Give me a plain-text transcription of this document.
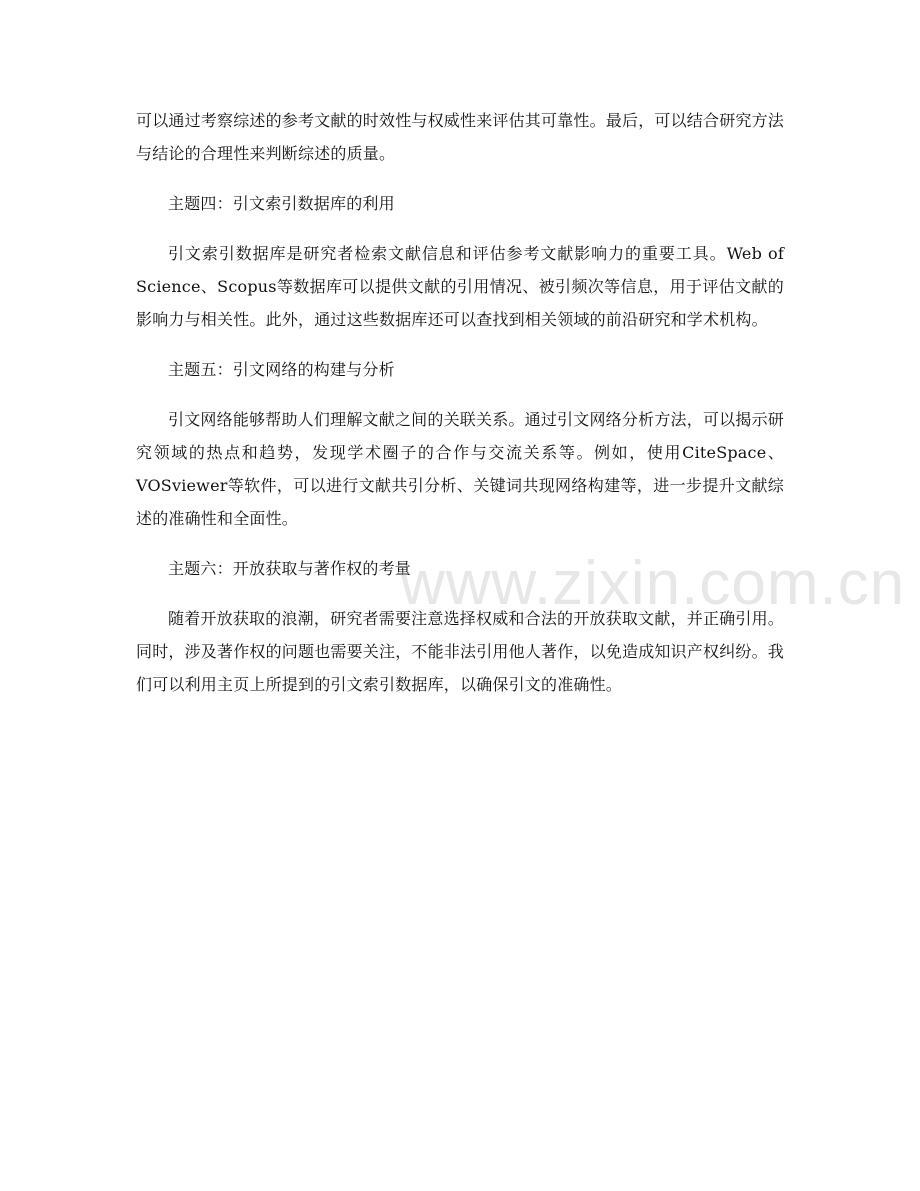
可以通过考察综述的参考文献的时效性与权威性来评估其可靠性。最后，可以结合研究方法与结论的合理性来判断综述的质量。

主题四：引文索引数据库的利用

引文索引数据库是研究者检索文献信息和评估参考文献影响力的重要工具。Web of Science、Scopus等数据库可以提供文献的引用情况、被引频次等信息，用于评估文献的影响力与相关性。此外，通过这些数据库还可以查找到相关领域的前沿研究和学术机构。

主题五：引文网络的构建与分析

引文网络能够帮助人们理解文献之间的关联关系。通过引文网络分析方法，可以揭示研究领域的热点和趋势，发现学术圈子的合作与交流关系等。例如，使用CiteSpace、VOSviewer等软件，可以进行文献共引分析、关键词共现网络构建等，进一步提升文献综述的准确性和全面性。

主题六：开放获取与著作权的考量

随着开放获取的浪潮，研究者需要注意选择权威和合法的开放获取文献，并正确引用。同时，涉及著作权的问题也需要关注，不能非法引用他人著作，以免造成知识产权纠纷。我们可以利用主页上所提到的引文索引数据库，以确保引文的准确性。

www.zixin.com.cn
